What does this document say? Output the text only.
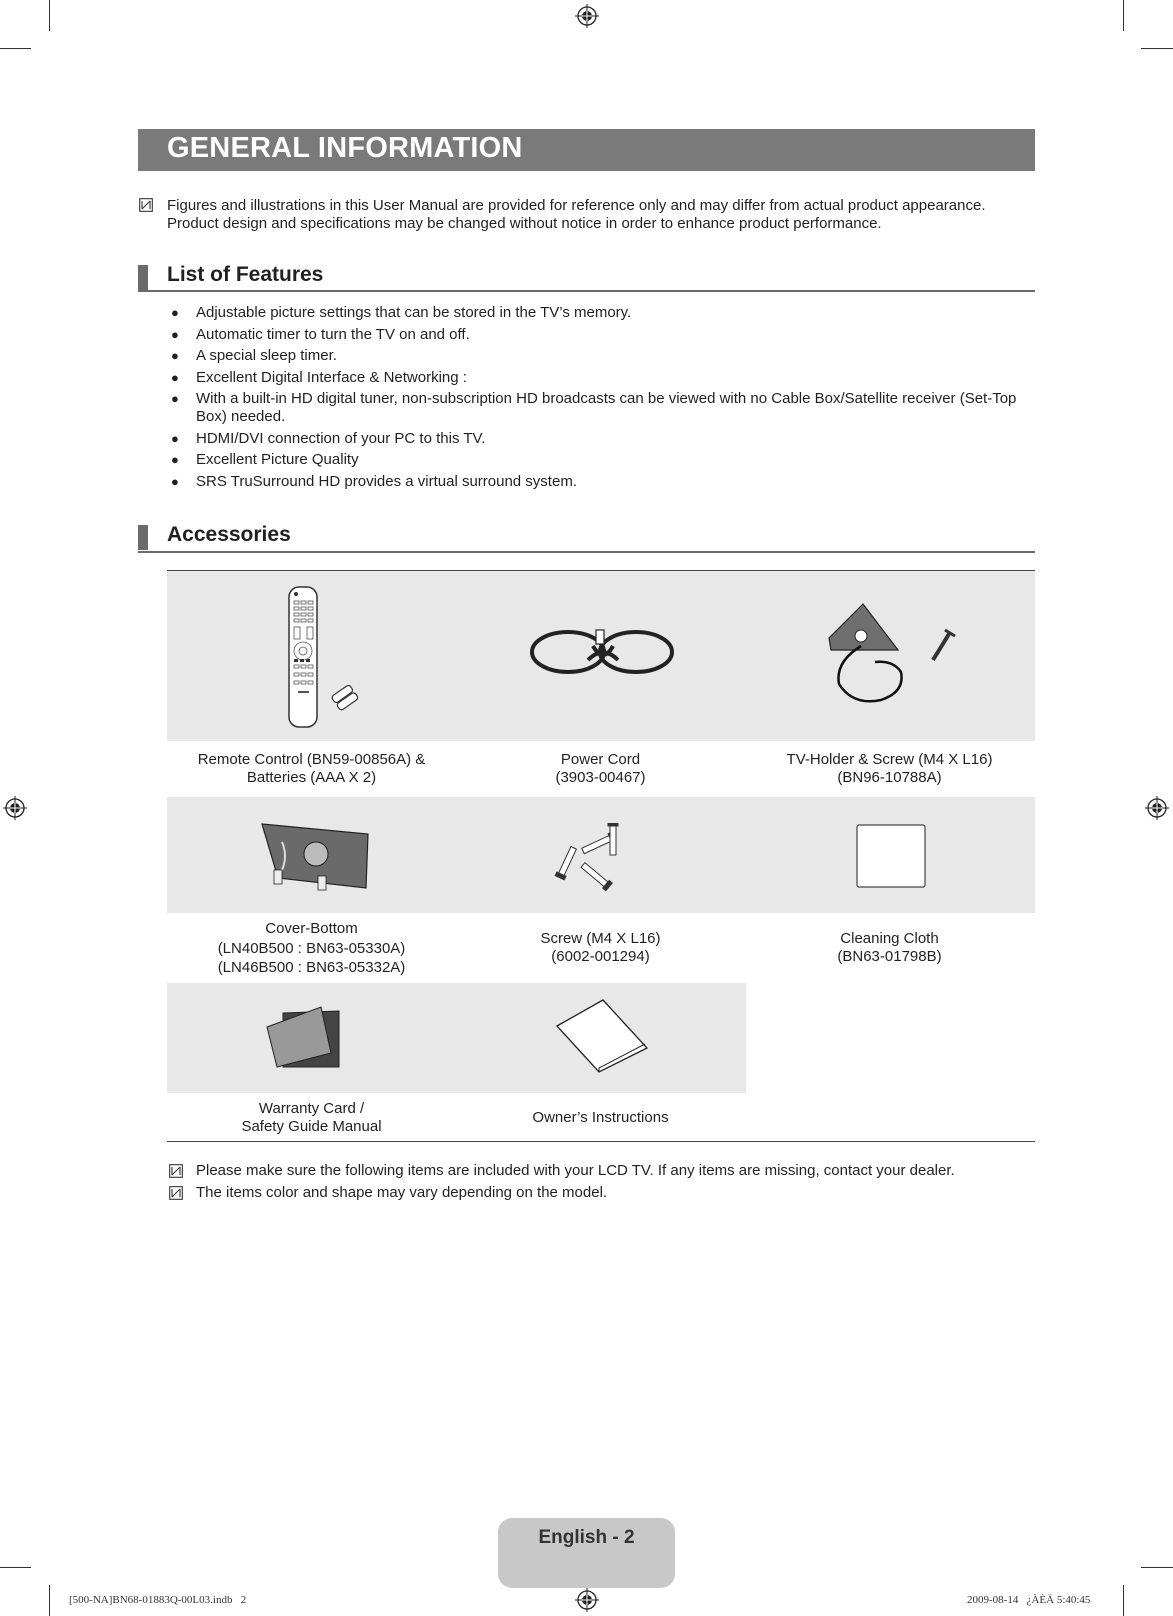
GENERAL INFORMATION
Figures and illustrations in this User Manual are provided for reference only and may differ from actual product appearance.
Product design and specifications may be changed without notice in order to enhance product performance.
List of Features
● Adjustable picture settings that can be stored in the TV’s memory.
● Automatic timer to turn the TV on and off.
● A special sleep timer.
● Excellent Digital Interface & Networking :
● With a built-in HD digital tuner, non-subscription HD broadcasts can be viewed with no Cable Box/Satellite receiver (Set-Top Box) needed.
● HDMI/DVI connection of your PC to this TV.
● Excellent Picture Quality
● SRS TruSurround HD provides a virtual surround system.
Accessories
Remote Control (BN59-00856A) &
Batteries (AAA X 2)
Power Cord
(3903-00467)
TV-Holder & Screw (M4 X L16)
(BN96-10788A)
Cover-Bottom
(LN40B500 : BN63-05330A)
(LN46B500 : BN63-05332A)
Screw (M4 X L16)
(6002-001294)
Cleaning Cloth
(BN63-01798B)
Warranty Card /
Safety Guide Manual
Owner’s Instructions
Please make sure the following items are included with your LCD TV. If any items are missing, contact your dealer.
The items color and shape may vary depending on the model.
English - 2
[500-NA]BN68-01883Q-00L03.indb   2	2009-08-14   ¿ÀÈÄ 5:40:45
